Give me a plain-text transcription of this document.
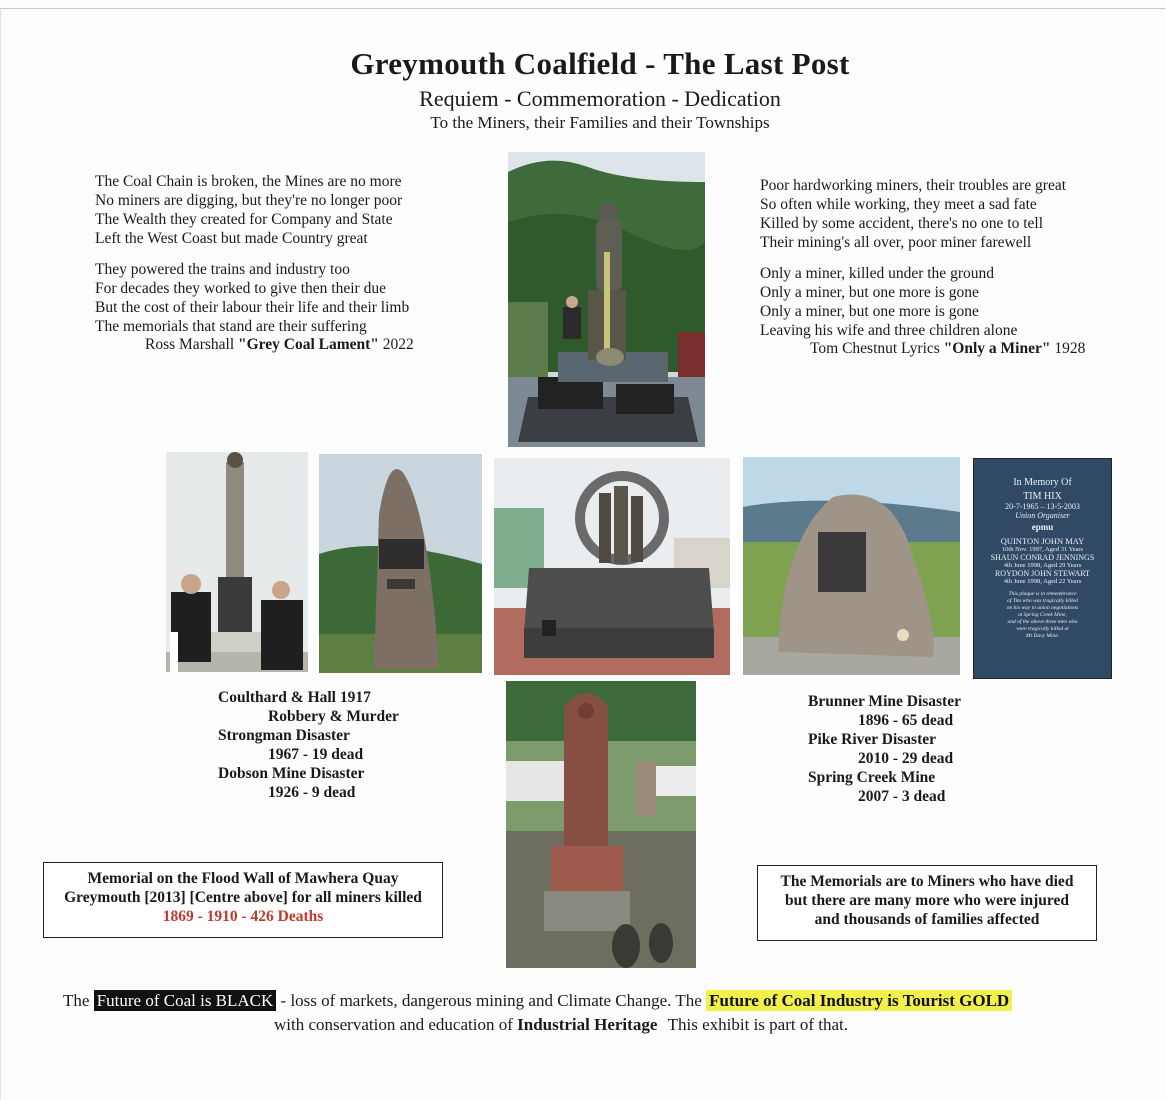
Greymouth Coalfield - The Last Post
Requiem - Commemoration - Dedication
To the Miners, their Families and their Townships
The Coal Chain is broken, the Mines are no more
No miners are digging, but they're no longer poor
The Wealth they created for Company and State
Left the West Coast but made Country great
They powered the trains and industry too
For decades they worked to give then their due
But the cost of their labour their life and their limb
The memorials that stand are their suffering
Ross Marshall "Grey Coal Lament" 2022
Poor hardworking miners, their troubles are great
So often while working, they meet a sad fate
Killed by some accident, there's no one to tell
Their mining's all over, poor miner farewell
Only a miner, killed under the ground
Only a miner, but one more is gone
Only a miner, but one more is gone
Leaving his wife and three children alone
Tom Chestnut Lyrics "Only a Miner" 1928
In Memory Of
TIM HIX
20-7-1965 – 13-5-2003
Union Organiser
epmu
QUINTON JOHN MAY
10th Nov. 1997, Aged 31 Years
SHAUN CONRAD JENNINGS
4th June 1998, Aged 29 Years
ROYDON JOHN STEWART
4th June 1998, Aged 22 Years
This plaque is in remembrance
of Tim who was tragically killed
on his way to union negotiations
at Spring Creek Mine,
and of the above three men who
were tragically killed at
Mt Davy Mine.
Coulthard & Hall 1917
Robbery & Murder
Strongman Disaster
1967 - 19 dead
Dobson Mine Disaster
1926 - 9 dead
Brunner Mine Disaster
1896 - 65 dead
Pike River Disaster
2010 - 29 dead
Spring Creek Mine
2007 - 3 dead
Memorial on the Flood Wall of Mawhera Quay
Greymouth [2013] [Centre above] for all miners killed
1869 - 1910 - 426 Deaths
The Memorials are to Miners who have died
but there are many more who were injured
and thousands of families affected
The Future of Coal is BLACK - loss of markets, dangerous mining and Climate Change. The Future of Coal Industry is Tourist GOLD
with conservation and education of Industrial Heritage This exhibit is part of that.
